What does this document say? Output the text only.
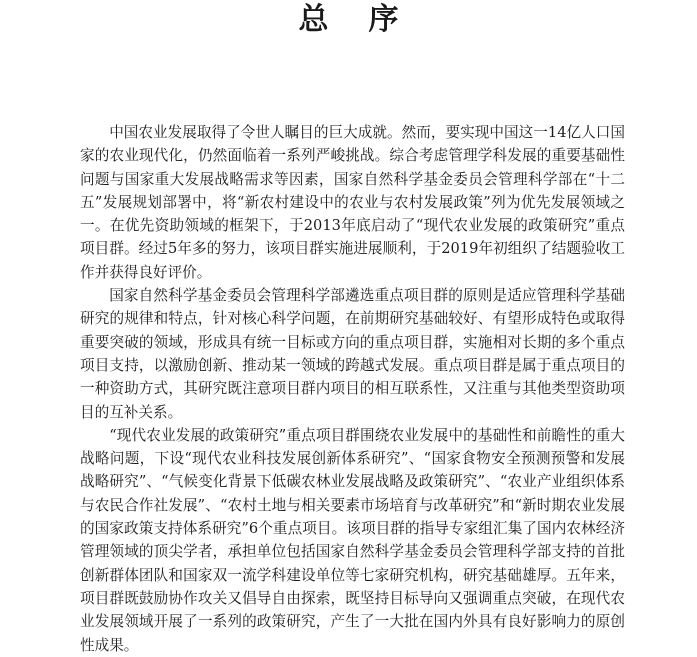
总序

中国农业发展取得了令世人瞩目的巨大成就。然而，要实现中国这一14亿人口国家的农业现代化，仍然面临着一系列严峻挑战。综合考虑管理学科发展的重要基础性问题与国家重大发展战略需求等因素，国家自然科学基金委员会管理科学部在“十二五”发展规划部署中，将“新农村建设中的农业与农村发展政策”列为优先发展领域之一。在优先资助领域的框架下，于2013年底启动了“现代农业发展的政策研究”重点项目群。经过5年多的努力，该项目群实施进展顺利，于2019年初组织了结题验收工作并获得良好评价。

国家自然科学基金委员会管理科学部遴选重点项目群的原则是适应管理科学基础研究的规律和特点，针对核心科学问题，在前期研究基础较好、有望形成特色或取得重要突破的领域，形成具有统一目标或方向的重点项目群，实施相对长期的多个重点项目支持，以激励创新、推动某一领域的跨越式发展。重点项目群是属于重点项目的一种资助方式，其研究既注意项目群内项目的相互联系性，又注重与其他类型资助项目的互补关系。

“现代农业发展的政策研究”重点项目群围绕农业发展中的基础性和前瞻性的重大战略问题，下设“现代农业科技发展创新体系研究”、“国家食物安全预测预警和发展战略研究”、“气候变化背景下低碳农林业发展战略及政策研究”、“农业产业组织体系与农民合作社发展”、“农村土地与相关要素市场培育与改革研究”和“新时期农业发展的国家政策支持体系研究”6个重点项目。该项目群的指导专家组汇集了国内农林经济管理领域的顶尖学者，承担单位包括国家自然科学基金委员会管理科学部支持的首批创新群体团队和国家双一流学科建设单位等七家研究机构，研究基础雄厚。五年来，项目群既鼓励协作攻关又倡导自由探索，既坚持目标导向又强调重点突破，在现代农业发展领域开展了一系列的政策研究，产生了一大批在国内外具有良好影响力的原创性成果。
